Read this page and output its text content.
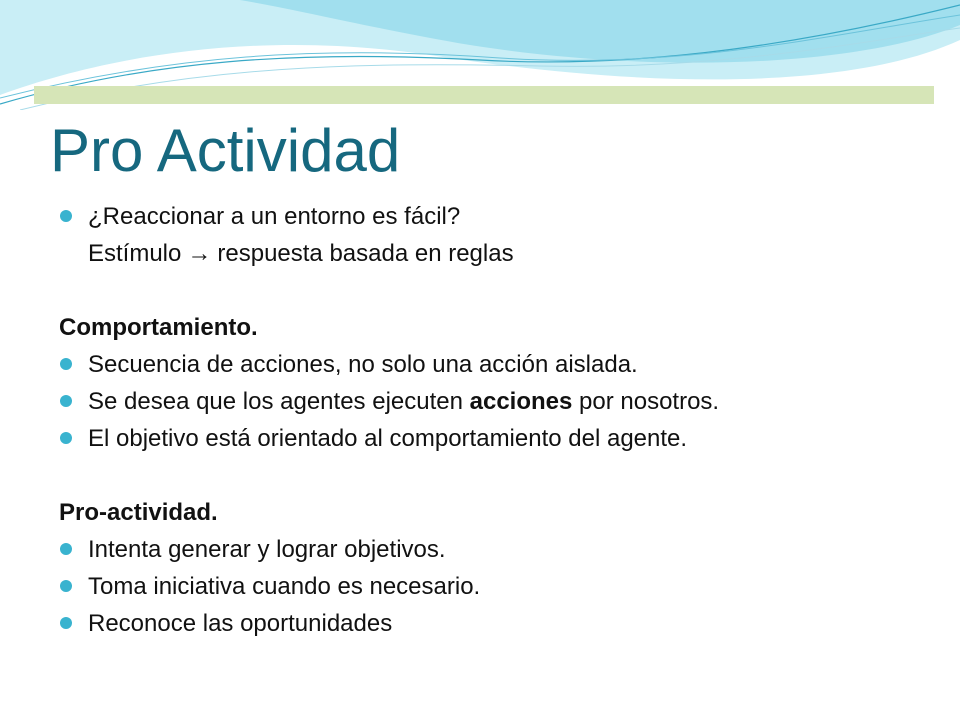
Pro Actividad
¿Reaccionar a un entorno es fácil?
Estímulo → respuesta basada en reglas
Comportamiento.
Secuencia de acciones, no solo una acción aislada.
Se desea que los agentes ejecuten acciones por nosotros.
El objetivo está orientado al comportamiento del agente.
Pro-actividad.
Intenta generar y lograr objetivos.
Toma iniciativa cuando es necesario.
Reconoce las oportunidades
